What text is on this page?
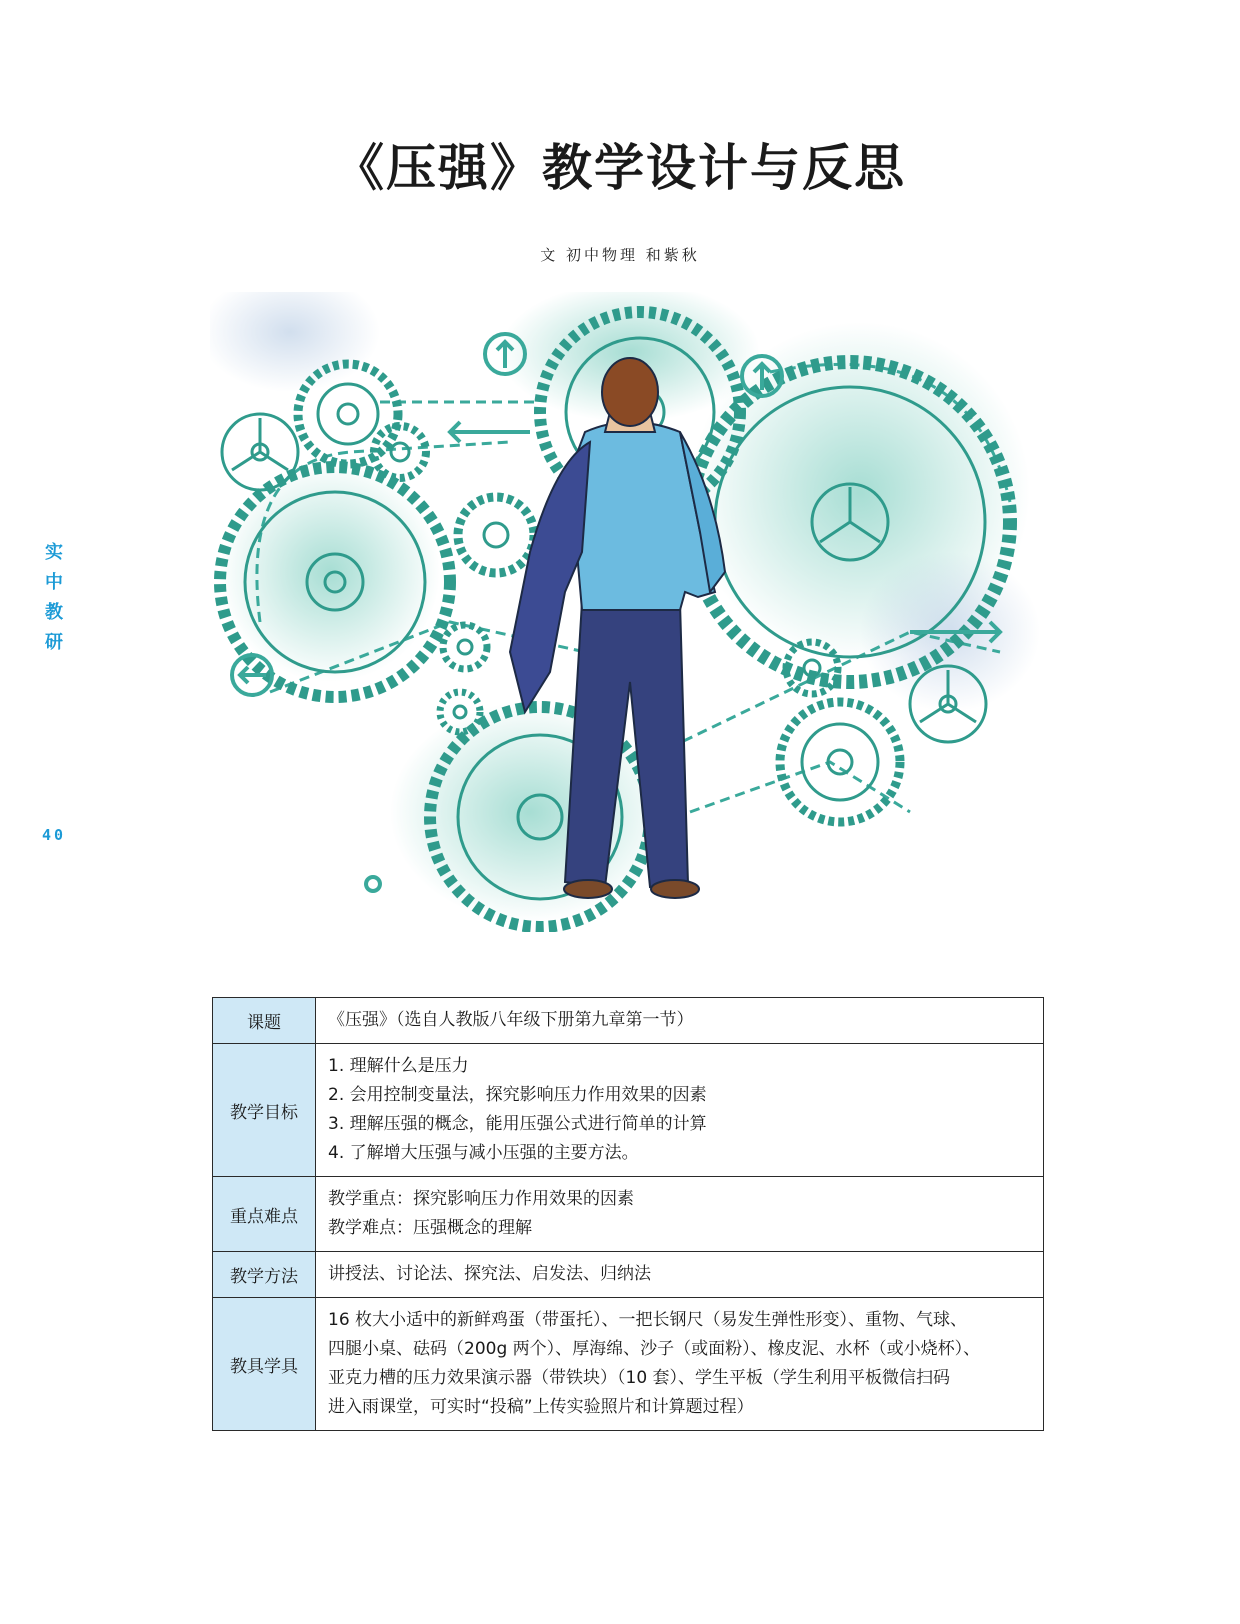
《压强》教学设计与反思
文 初中物理 和紫秋
实
中
教
研
40
课题	《压强》（选自人教版八年级下册第九章第一节）

教学目标	1. 理解什么是压力
2. 会用控制变量法，探究影响压力作用效果的因素
3. 理解压强的概念，能用压强公式进行简单的计算
4. 了解增大压强与减小压强的主要方法。

重点难点	教学重点：探究影响压力作用效果的因素
教学难点：压强概念的理解

教学方法	讲授法、讨论法、探究法、启发法、归纳法

教具学具	16 枚大小适中的新鲜鸡蛋（带蛋托）、一把长钢尺（易发生弹性形变）、重物、气球、
四腿小桌、砝码（200g 两个）、厚海绵、沙子（或面粉）、橡皮泥、水杯（或小烧杯）、
亚克力槽的压力效果演示器（带铁块）（10 套）、学生平板（学生利用平板微信扫码
进入雨课堂，可实时“投稿”上传实验照片和计算题过程）
